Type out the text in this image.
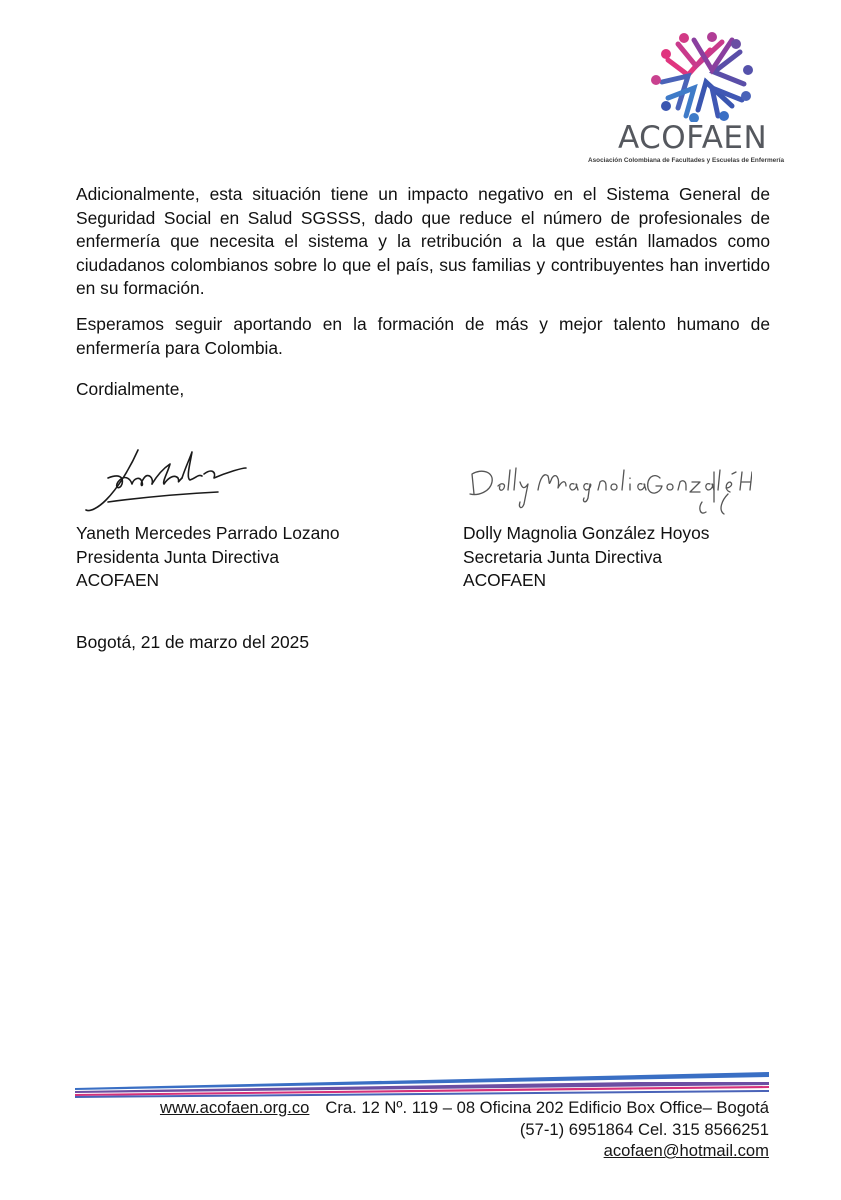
ACOFAEN
Asociación Colombiana de Facultades y Escuelas de Enfermería

Adicionalmente, esta situación tiene un impacto negativo en el Sistema General de Seguridad Social en Salud SGSSS, dado que reduce el número de profesionales de enfermería que necesita el sistema y la retribución a la que están llamados como ciudadanos colombianos sobre lo que el país, sus familias y contribuyentes han invertido en su formación.

Esperamos seguir aportando en la formación de más y mejor talento humano de enfermería para Colombia.

Cordialmente,

Yaneth Mercedes Parrado Lozano
Presidenta Junta Directiva
ACOFAEN
Dolly Magnolia González Hoyos
Secretaria Junta Directiva
ACOFAEN

Bogotá, 21 de marzo del 2025

www.acofaen.org.co Cra. 12 Nº. 119 – 08 Oficina 202 Edificio Box Office– Bogotá
(57-1) 6951864 Cel. 315 8566251
acofaen@hotmail.com
